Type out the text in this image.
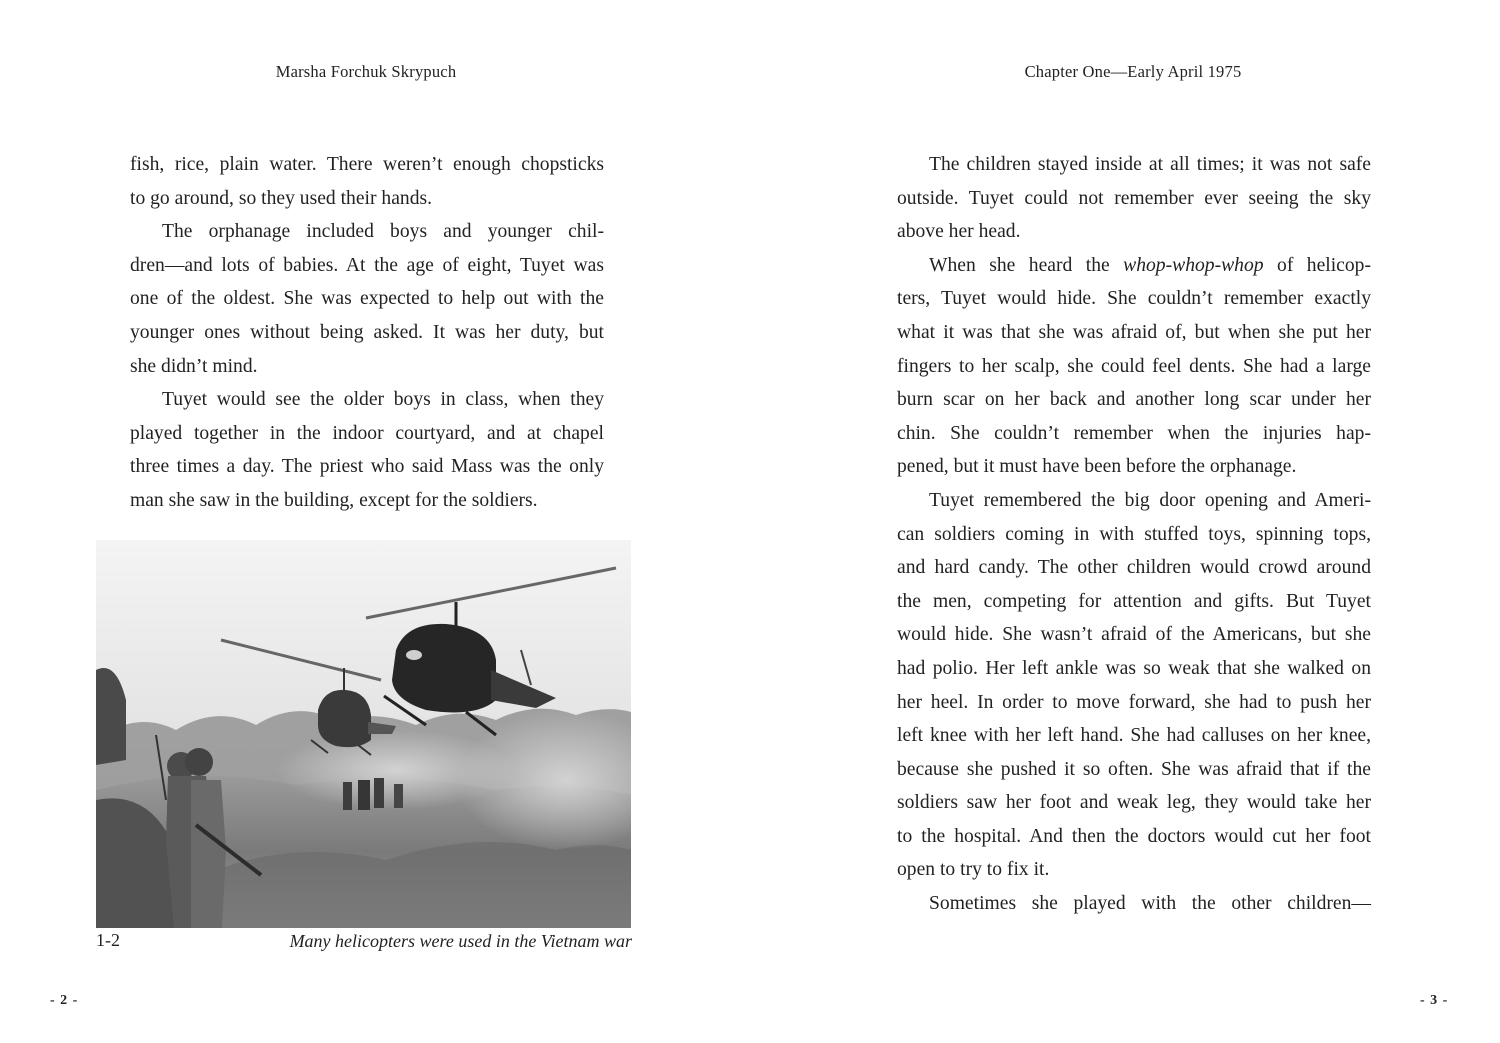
Marsha Forchuk Skrypuch
fish, rice, plain water. There weren’t enough chopsticks
to go around, so they used their hands.
The orphanage included boys and younger chil-
dren—and lots of babies. At the age of eight, Tuyet was
one of the oldest. She was expected to help out with the
younger ones without being asked. It was her duty, but
she didn’t mind.
Tuyet would see the older boys in class, when they
played together in the indoor courtyard, and at chapel
three times a day. The priest who said Mass was the only
man she saw in the building, except for the soldiers.
1-2	Many helicopters were used in the Vietnam war
- 2 -
Chapter One—Early April 1975
The children stayed inside at all times; it was not safe
outside. Tuyet could not remember ever seeing the sky
above her head.
When she heard the whop-whop-whop of helicop-
ters, Tuyet would hide. She couldn’t remember exactly
what it was that she was afraid of, but when she put her
fingers to her scalp, she could feel dents. She had a large
burn scar on her back and another long scar under her
chin. She couldn’t remember when the injuries hap-
pened, but it must have been before the orphanage.
Tuyet remembered the big door opening and Ameri-
can soldiers coming in with stuffed toys, spinning tops,
and hard candy. The other children would crowd around
the men, competing for attention and gifts. But Tuyet
would hide. She wasn’t afraid of the Americans, but she
had polio. Her left ankle was so weak that she walked on
her heel. In order to move forward, she had to push her
left knee with her left hand. She had calluses on her knee,
because she pushed it so often. She was afraid that if the
soldiers saw her foot and weak leg, they would take her
to the hospital. And then the doctors would cut her foot
open to try to fix it.
Sometimes she played with the other children—
- 3 -
